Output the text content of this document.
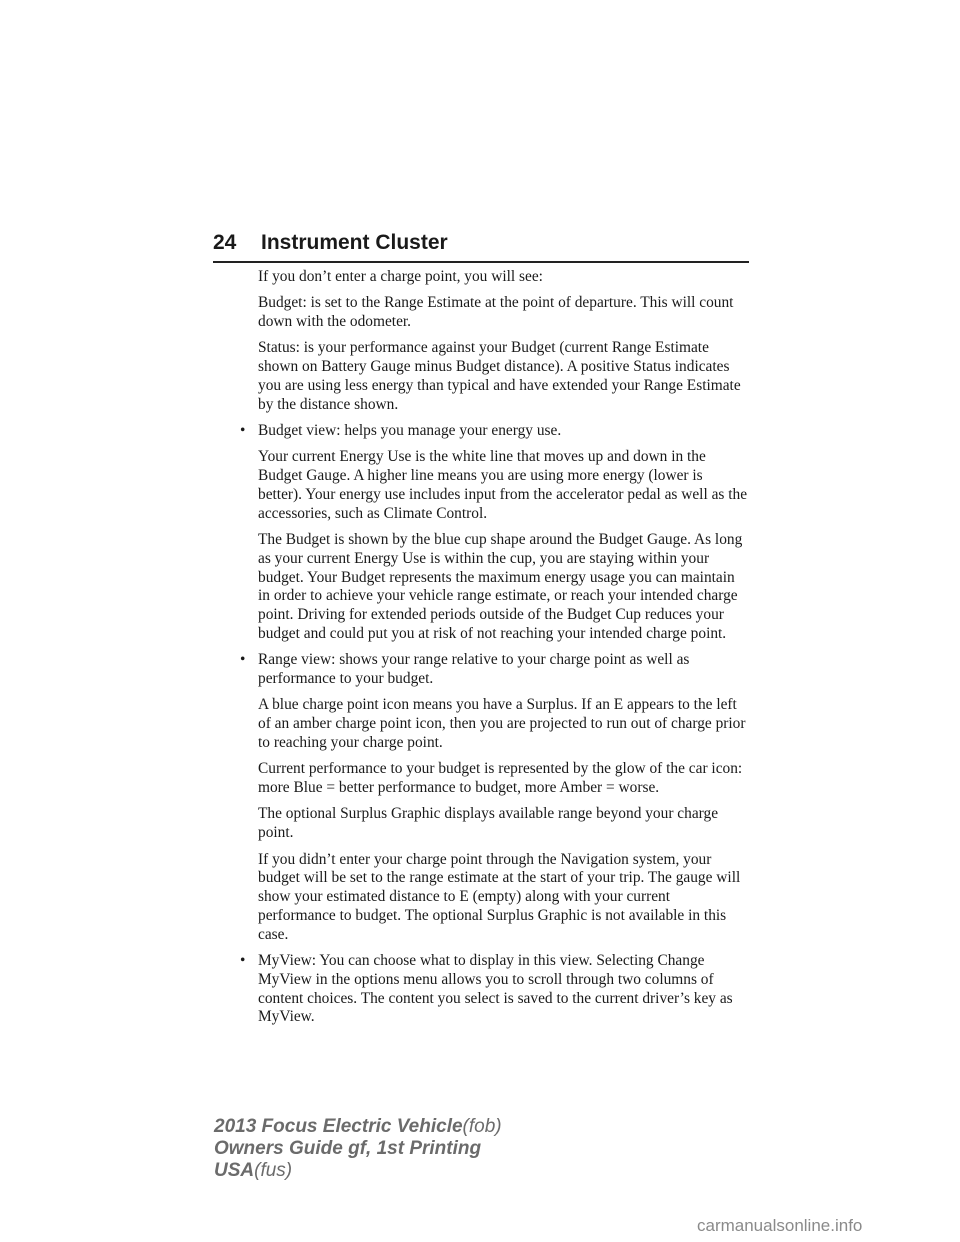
24 Instrument Cluster

If you don’t enter a charge point, you will see:

Budget: is set to the Range Estimate at the point of departure. This will count down with the odometer.

Status: is your performance against your Budget (current Range Estimate shown on Battery Gauge minus Budget distance). A positive Status indicates you are using less energy than typical and have extended your Range Estimate by the distance shown.

• Budget view: helps you manage your energy use.

Your current Energy Use is the white line that moves up and down in the Budget Gauge. A higher line means you are using more energy (lower is better). Your energy use includes input from the accelerator pedal as well as the accessories, such as Climate Control.

The Budget is shown by the blue cup shape around the Budget Gauge. As long as your current Energy Use is within the cup, you are staying within your budget. Your Budget represents the maximum energy usage you can maintain in order to achieve your vehicle range estimate, or reach your intended charge point. Driving for extended periods outside of the Budget Cup reduces your budget and could put you at risk of not reaching your intended charge point.

• Range view: shows your range relative to your charge point as well as performance to your budget.

A blue charge point icon means you have a Surplus. If an E appears to the left of an amber charge point icon, then you are projected to run out of charge prior to reaching your charge point.

Current performance to your budget is represented by the glow of the car icon: more Blue = better performance to budget, more Amber = worse.

The optional Surplus Graphic displays available range beyond your charge point.

If you didn’t enter your charge point through the Navigation system, your budget will be set to the range estimate at the start of your trip. The gauge will show your estimated distance to E (empty) along with your current performance to budget. The optional Surplus Graphic is not available in this case.

• MyView: You can choose what to display in this view. Selecting Change MyView in the options menu allows you to scroll through two columns of content choices. The content you select is saved to the current driver’s key as MyView.
2013 Focus Electric Vehicle(fob)
Owners Guide gf, 1st Printing
USA(fus)
carmanualsonline.info
